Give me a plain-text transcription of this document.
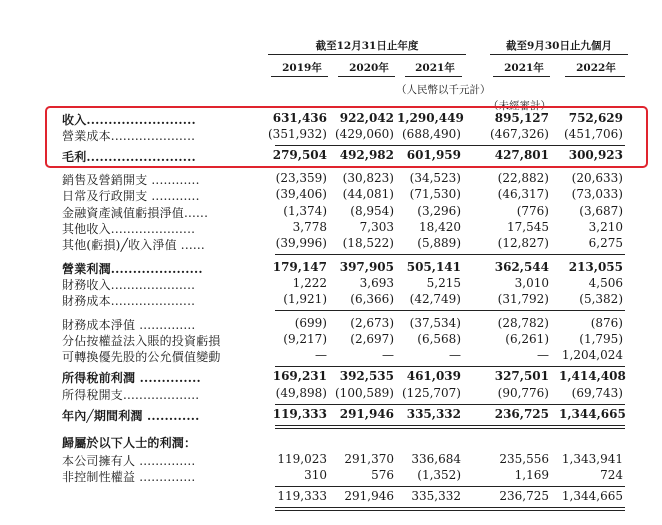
截至12月31日止年度	截至9月30日止九個月
2019年	2020年	2021年	2021年	2022年
（人民幣以千元計）
（未經審計）
收入.........................	631,436	922,042 1,290,449	895,127	752,629
營業成本.....................	(351,932) (429,060) (688,490)	(467,326)	(451,706)
毛利.........................	279,504	492,982	601,959	427,801	300,923
銷售及營銷開支 ............	(23,359)	(30,823)	(34,523)	(22,882)	(20,633)
日常及行政開支 ............	(39,406)	(44,081)	(71,530)	(46,317)	(73,033)
金融資產減值虧損淨值......	(1,374)	(8,954)	(3,296)	(776)	(3,687)
其他收入.....................	3,778	7,303	18,420	17,545	3,210
其他(虧損)╱收入淨值 ......	(39,996)	(18,522)	(5,889)	(12,827)	6,275
營業利潤.....................	179,147	397,905	505,141	362,544	213,055
財務收入.....................	1,222	3,693	5,215	3,010	4,506
財務成本.....................	(1,921)	(6,366)	(42,749)	(31,792)	(5,382)
財務成本淨值 ..............	(699)	(2,673)	(37,534)	(28,782)	(876)
分佔按權益法入賬的投資虧損	(9,217)	(2,697)	(6,568)	(6,261)	(1,795)
可轉換優先股的公允價值變動	—	—	—	— 1,204,024
所得稅前利潤 ..............	169,231	392,535	461,039	327,501 1,414,408
所得稅開支...................	(49,898) (100,589) (125,707)	(90,776)	(69,743)
年內╱期間利潤 ............	119,333	291,946	335,332	236,725 1,344,665
歸屬於以下人士的利潤：
本公司擁有人 ..............	119,023	291,370	336,684	235,556 1,343,941
非控制性權益 ..............	310	576	(1,352)	1,169	724
119,333	291,946	335,332	236,725 1,344,665
